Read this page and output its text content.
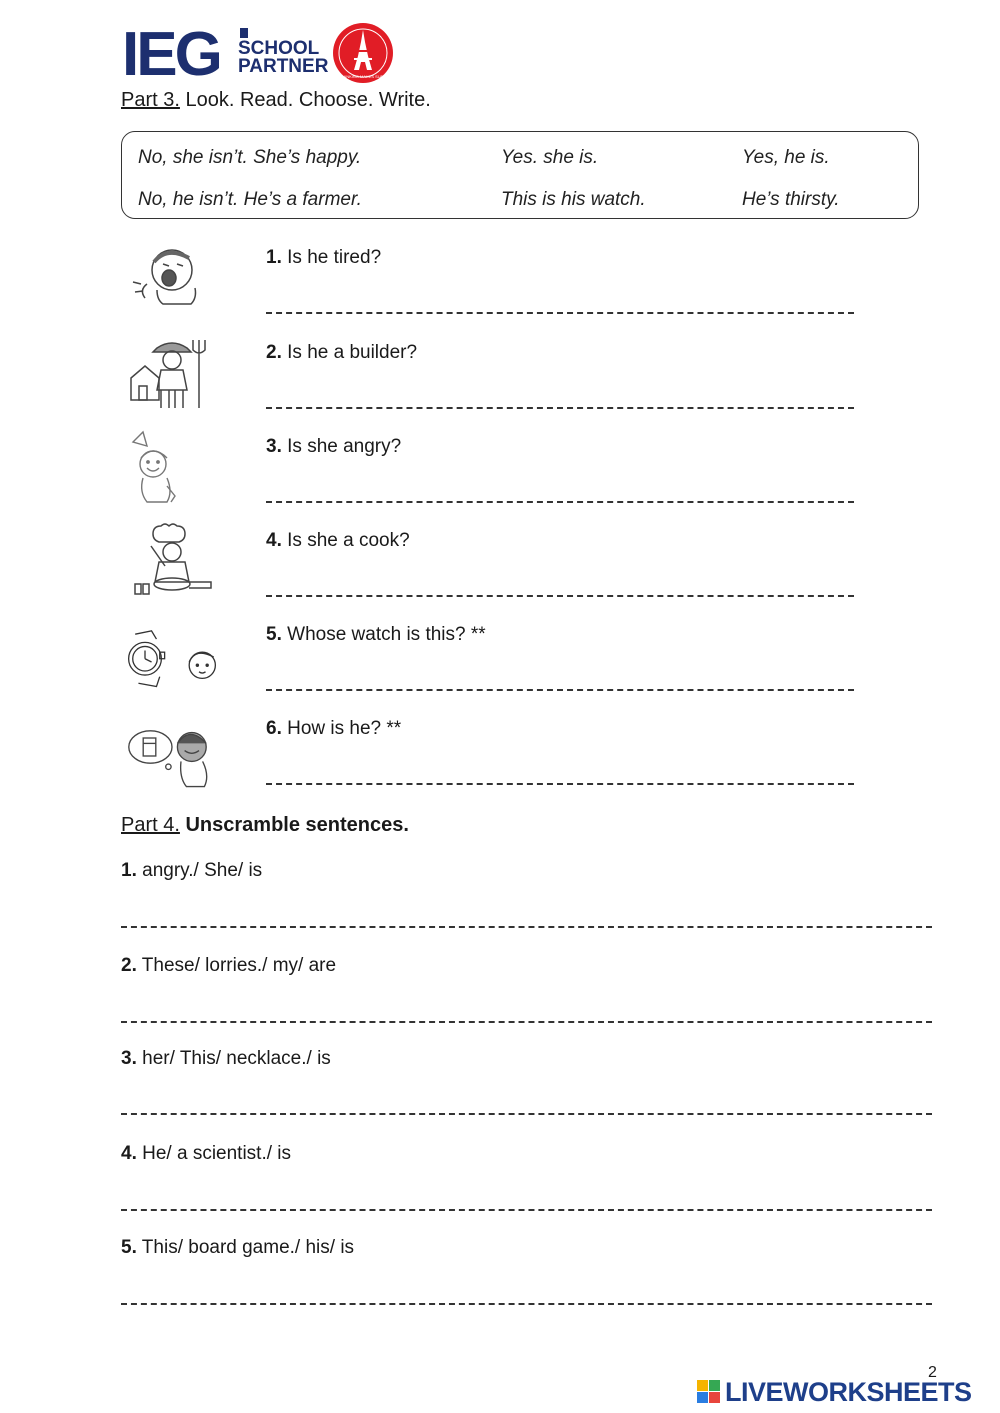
IEG SCHOOL
PARTNER	THINKING MAKES SURE
Part 3. Look. Read. Choose. Write.
No, she isn’t. She’s happy.	Yes. she is.	Yes, he is.
No, he isn’t. He’s a farmer.	This is his watch.	He’s thirsty.
1. Is he tired?
2. Is he a builder?
3. Is she angry?
4. Is she a cook?
5. Whose watch is this? **
6. How is he? **
Part 4. Unscramble sentences.
1. angry./ She/ is
2. These/ lorries./ my/ are
3. her/ This/ necklace./ is
4. He/ a scientist./ is
5. This/ board game./ his/ is
2
LIVEWORKSHEETS
